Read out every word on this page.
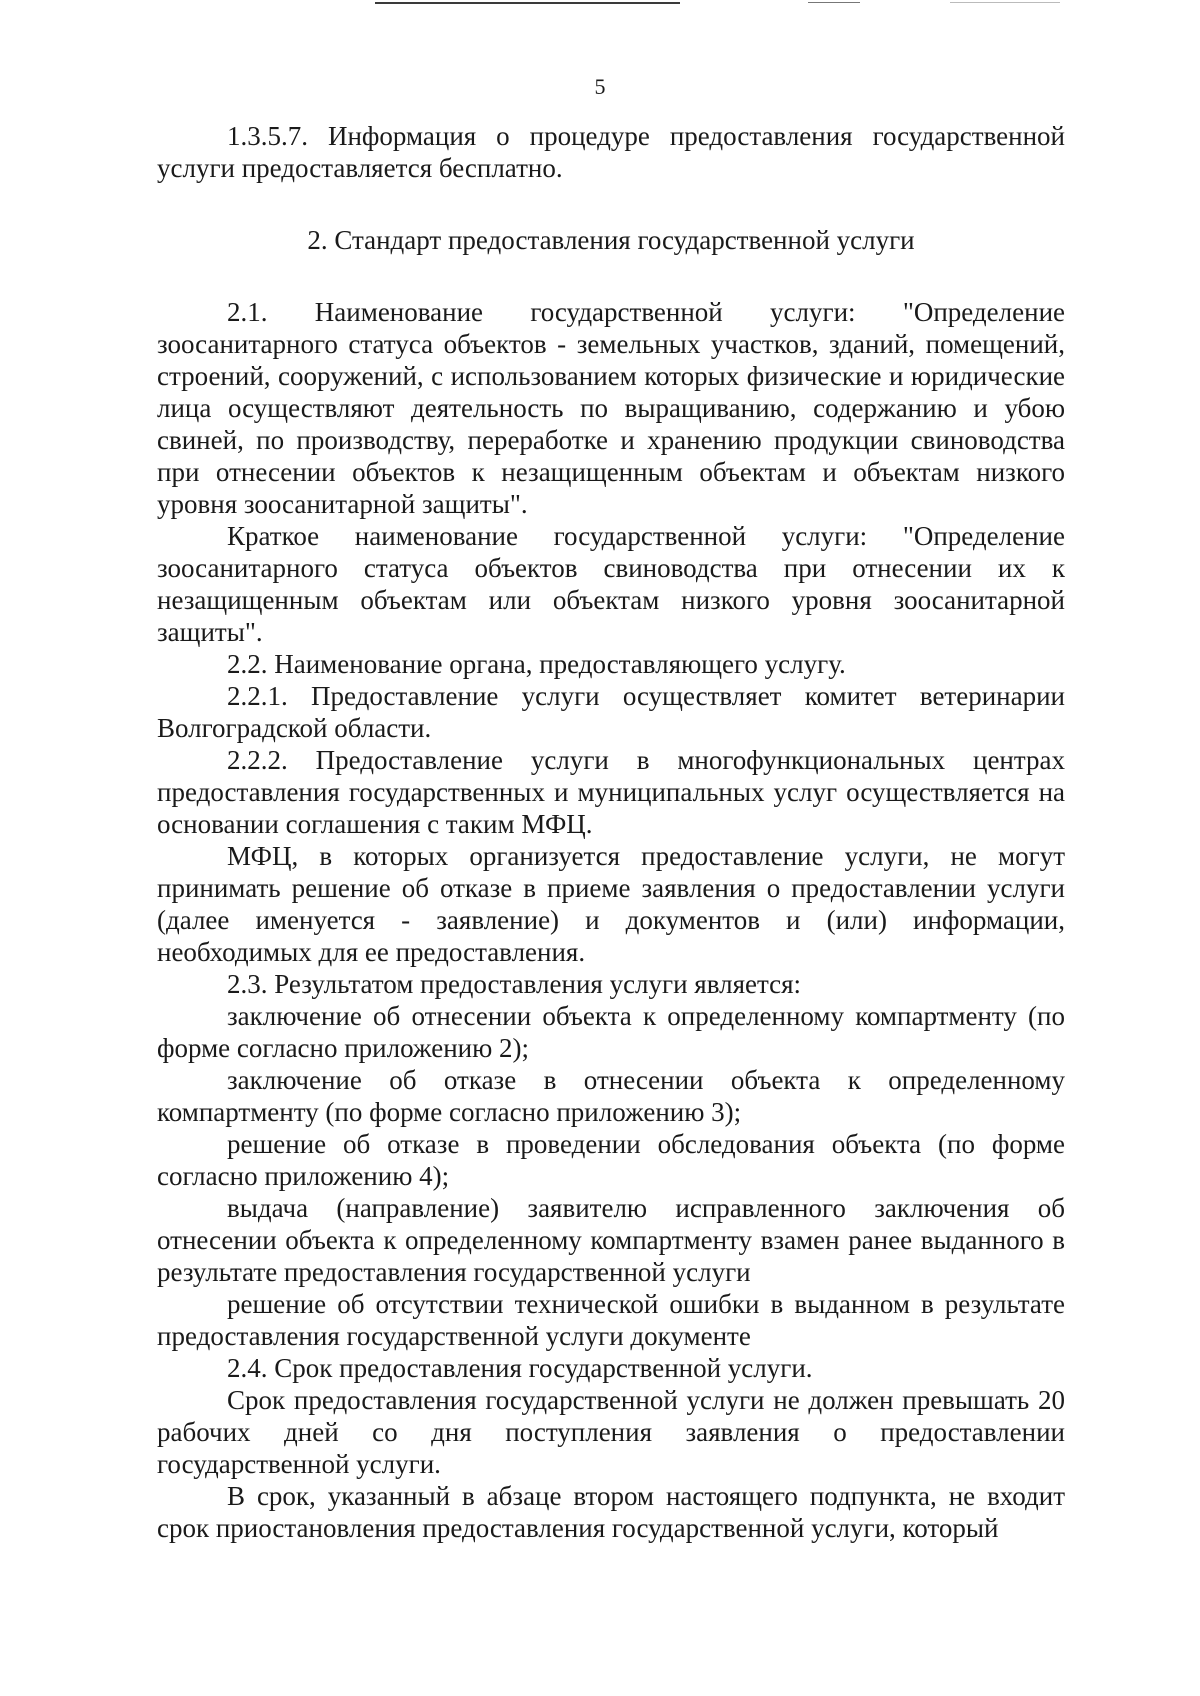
5

1.3.5.7. Информация о процедуре предоставления государственной услуги предоставляется бесплатно.

2. Стандарт предоставления государственной услуги

2.1. Наименование государственной услуги: "Определение зоосанитарного статуса объектов - земельных участков, зданий, помещений, строений, сооружений, с использованием которых физические и юридические лица осуществляют деятельность по выращиванию, содержанию и убою свиней, по производству, переработке и хранению продукции свиноводства при отнесении объектов к незащищенным объектам и объектам низкого уровня зоосанитарной защиты".

Краткое наименование государственной услуги: "Определение зоосанитарного статуса объектов свиноводства при отнесении их к незащищенным объектам или объектам низкого уровня зоосанитарной защиты".

2.2. Наименование органа, предоставляющего услугу.

2.2.1. Предоставление услуги осуществляет комитет ветеринарии Волгоградской области.

2.2.2. Предоставление услуги в многофункциональных центрах предоставления государственных и муниципальных услуг осуществляется на основании соглашения с таким МФЦ.

МФЦ, в которых организуется предоставление услуги, не могут принимать решение об отказе в приеме заявления о предоставлении услуги (далее именуется - заявление) и документов и (или) информации, необходимых для ее предоставления.

2.3. Результатом предоставления услуги является:

заключение об отнесении объекта к определенному компартменту (по форме согласно приложению 2);

заключение об отказе в отнесении объекта к определенному компартменту (по форме согласно приложению 3);

решение об отказе в проведении обследования объекта (по форме согласно приложению 4);

выдача (направление) заявителю исправленного заключения об отнесении объекта к определенному компартменту взамен ранее выданного в результате предоставления государственной услуги

решение об отсутствии технической ошибки в выданном в результате предоставления государственной услуги документе

2.4. Срок предоставления государственной услуги.

Срок предоставления государственной услуги не должен превышать 20 рабочих дней со дня поступления заявления о предоставлении государственной услуги.

В срок, указанный в абзаце втором настоящего подпункта, не входит срок приостановления предоставления государственной услуги, который
